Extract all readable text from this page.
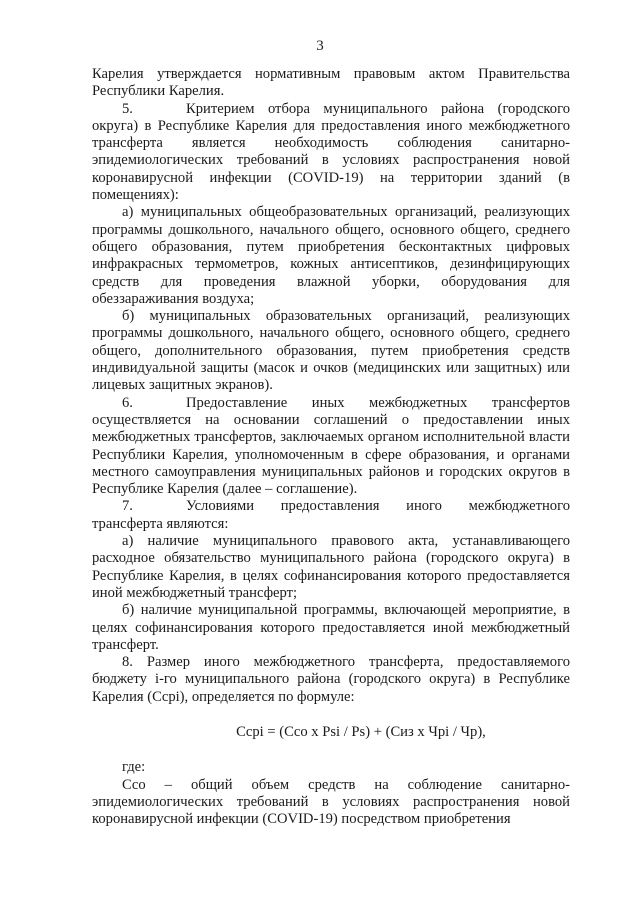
3

Карелия утверждается нормативным правовым актом Правительства Республики Карелия.

5.	Критерием отбора муниципального района (городского округа) в Республике Карелия для предоставления иного межбюджетного трансферта является необходимость соблюдения санитарно-эпидемиологических требований в условиях распространения новой коронавирусной инфекции (COVID-19) на территории зданий (в помещениях):

а) муниципальных общеобразовательных организаций, реализующих программы дошкольного, начального общего, основного общего, среднего общего образования, путем приобретения бесконтактных цифровых инфракрасных термометров, кожных антисептиков, дезинфицирующих средств для проведения влажной уборки, оборудования для обеззараживания воздуха;

б) муниципальных образовательных организаций, реализующих программы дошкольного, начального общего, основного общего, среднего общего, дополнительного образования, путем приобретения средств индивидуальной защиты (масок и очков (медицинских или защитных) или лицевых защитных экранов).

6.	Предоставление иных межбюджетных трансфертов осуществляется на основании соглашений о предоставлении иных межбюджетных трансфертов, заключаемых органом исполнительной власти Республики Карелия, уполномоченным в сфере образования, и органами местного самоуправления муниципальных районов и городских округов в Республике Карелия (далее – соглашение).

7.	Условиями предоставления иного межбюджетного трансферта являются:

а) наличие муниципального правового акта, устанавливающего расходное обязательство муниципального района (городского округа) в Республике Карелия, в целях софинансирования которого предоставляется иной межбюджетный трансферт;

б) наличие муниципальной программы, включающей мероприятие, в целях софинансирования которого предоставляется иной межбюджетный трансферт.

8. Размер иного межбюджетного трансферта, предоставляемого бюджету i-го муниципального района (городского округа) в Республике Карелия (Ccpi), определяется по формуле:

Ccpi = (Cco x Psi / Ps) + (Сиз х Чpi / Чр),

где:

Ссо – общий объем средств на соблюдение санитарно-эпидемиологических требований в условиях распространения новой коронавирусной инфекции (COVID-19) посредством приобретения
